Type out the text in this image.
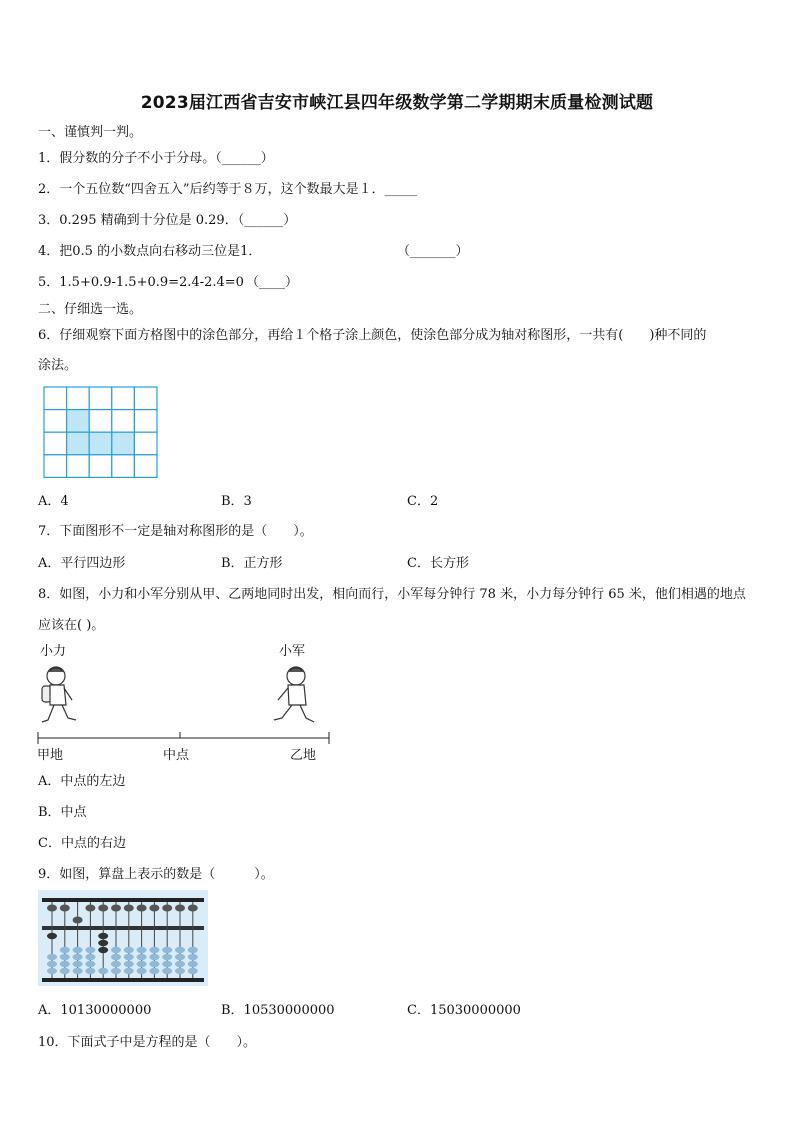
2023届江西省吉安市峡江县四年级数学第二学期期末质量检测试题
一、谨慎判一判。
1．假分数的分子不小于分母。（______）
2．一个五位数“四舍五入”后约等于８万，这个数最大是１．_____
3．0.295 精确到十分位是 0.29．（______）
4．把0.5 的小数点向右移动三位是1．	（_______）
5．1.5+0.9-1.5+0.9=2.4-2.4=0 （____）
二、仔细选一选。
6．仔细观察下面方格图中的涂色部分，再给１个格子涂上颜色，使涂色部分成为轴对称图形，一共有(　　)种不同的
涂法。
A．4	B．3	C．2
7．下面图形不一定是轴对称图形的是（　　）。
A．平行四边形	B．正方形	C．长方形
8．如图，小力和小军分别从甲、乙两地同时出发，相向而行，小军每分钟行 78 米，小力每分钟行 65 米，他们相遇的地点
应该在( )。
小力	小军
甲地	中点	乙地
A．中点的左边
B．中点
C．中点的右边
9．如图，算盘上表示的数是（　　　）。
A．10130000000	B．10530000000	C．15030000000
10．下面式子中是方程的是（　　）。
